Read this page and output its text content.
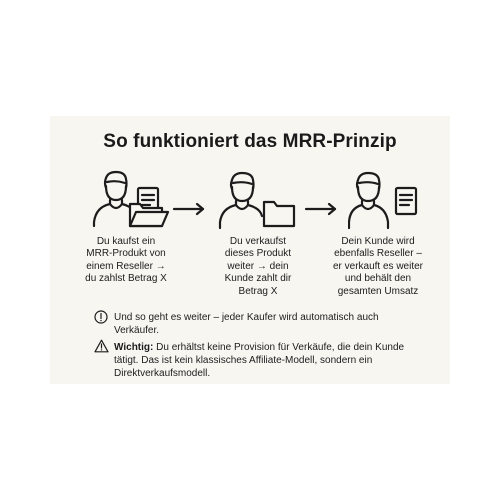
So funktioniert das MRR-Prinzip
Du kaufst ein
MRR-Produkt von
einem Reseller →
du zahlst Betrag X
Du verkaufst
dieses Produkt
weiter → dein
Kunde zahlt dir
Betrag X
Dein Kunde wird
ebenfalls Reseller –
er verkauft es weiter
und behält den
gesamten Umsatz
Und so geht es weiter – jeder Kaufer wird automatisch auch
Verkäufer.
Wichtig: Du erhältst keine Provision für Verkäufe, die dein Kunde
tätigt. Das ist kein klassisches Affiliate-Modell, sondern ein
Direktverkaufsmodell.
